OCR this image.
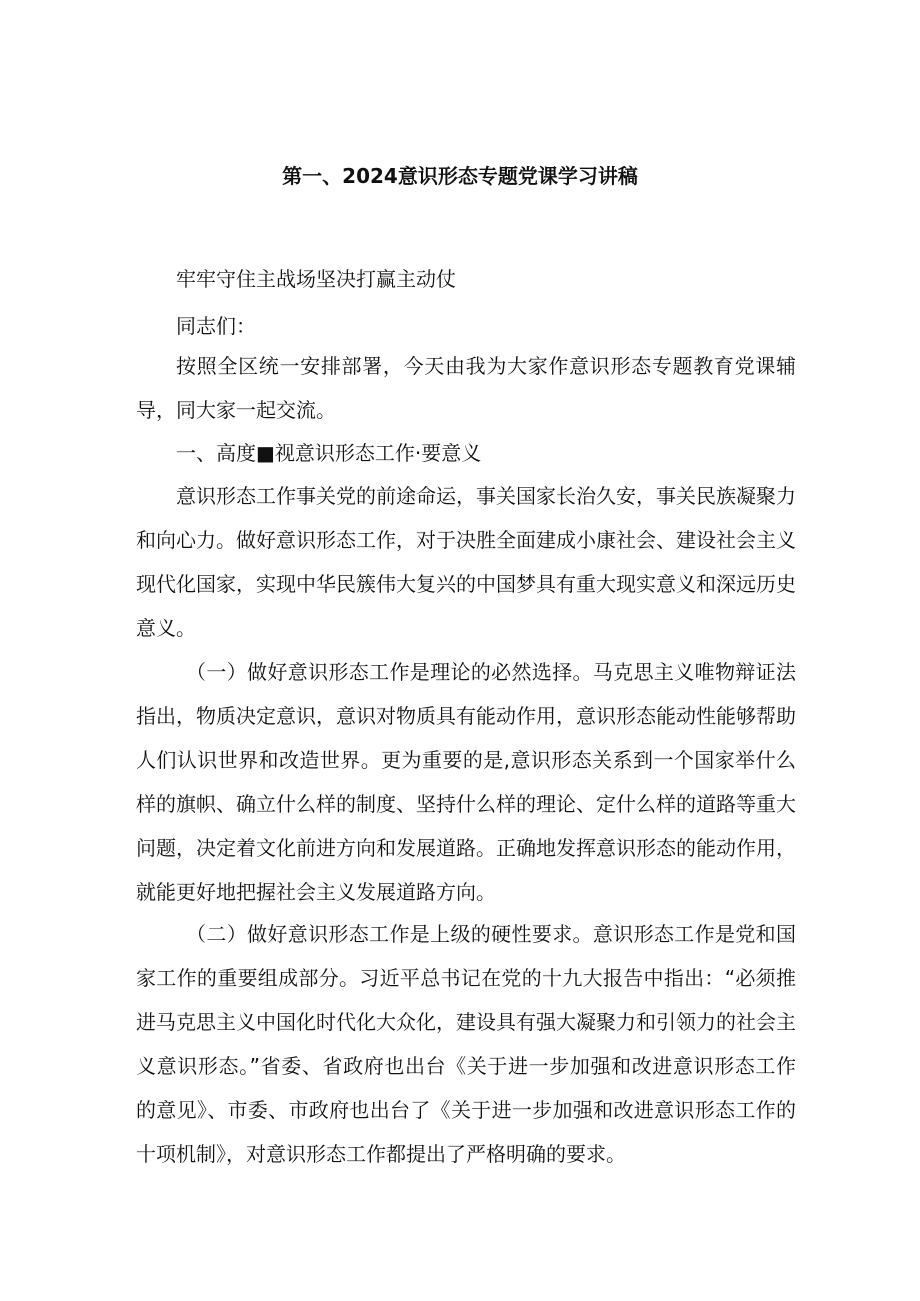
第一、2024意识形态专题党课学习讲稿
牢牢守住主战场坚决打赢主动仗
同志们：

按照全区统一安排部署，今天由我为大家作意识形态专题教育党课辅导，同大家一起交流。

一、高度■视意识形态工作·要意义

意识形态工作事关党的前途命运，事关国家长治久安，事关民族凝聚力和向心力。做好意识形态工作，对于决胜全面建成小康社会、建设社会主义现代化国家，实现中华民簇伟大复兴的中国梦具有重大现实意义和深远历史意义。

（一）做好意识形态工作是理论的必然选择。马克思主义唯物辩证法指出，物质决定意识，意识对物质具有能动作用，意识形态能动性能够帮助人们认识世界和改造世界。更为重要的是,意识形态关系到一个国家举什么样的旗帜、确立什么样的制度、坚持什么样的理论、定什么样的道路等重大问题，决定着文化前进方向和发展道路。正确地发挥意识形态的能动作用，就能更好地把握社会主义发展道路方向。

（二）做好意识形态工作是上级的硬性要求。意识形态工作是党和国家工作的重要组成部分。习近平总书记在党的十九大报告中指出：“必须推进马克思主义中国化时代化大众化，建设具有强大凝聚力和引领力的社会主义意识形态。”省委、省政府也出台《关于进一步加强和改进意识形态工作的意见》、市委、市政府也出台了《关于进一步加强和改进意识形态工作的十项机制》，对意识形态工作都提出了严格明确的要求。
